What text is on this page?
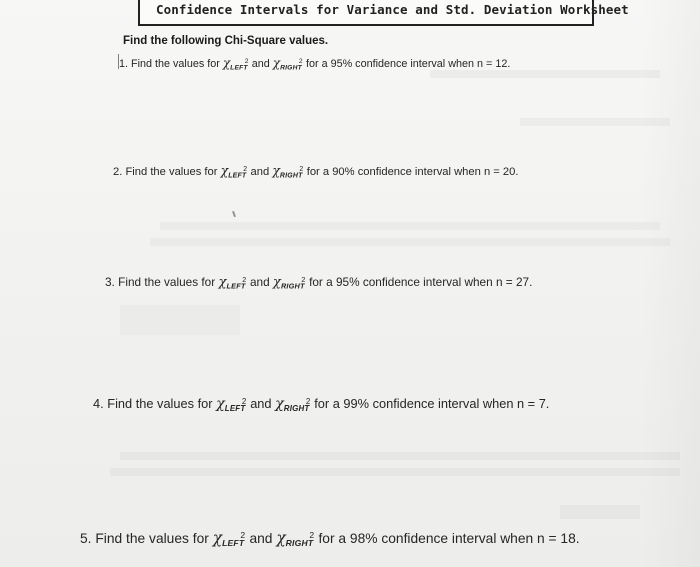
Confidence Intervals for Variance and Std. Deviation Worksheet
Find the following Chi-Square values.
1. Find the values for $\chi_{LEFT}^2$ and $\chi_{RIGHT}^2$ for a 95% confidence interval when n = 12.
2. Find the values for $\chi_{LEFT}^2$ and $\chi_{RIGHT}^2$ for a 90% confidence interval when n = 20.
3. Find the values for $\chi_{LEFT}^2$ and $\chi_{RIGHT}^2$ for a 95% confidence interval when n = 27.
4. Find the values for $\chi_{LEFT}^2$ and $\chi_{RIGHT}^2$ for a 99% confidence interval when n = 7.
5. Find the values for $\chi_{LEFT}^2$ and $\chi_{RIGHT}^2$ for a 98% confidence interval when n = 18.
